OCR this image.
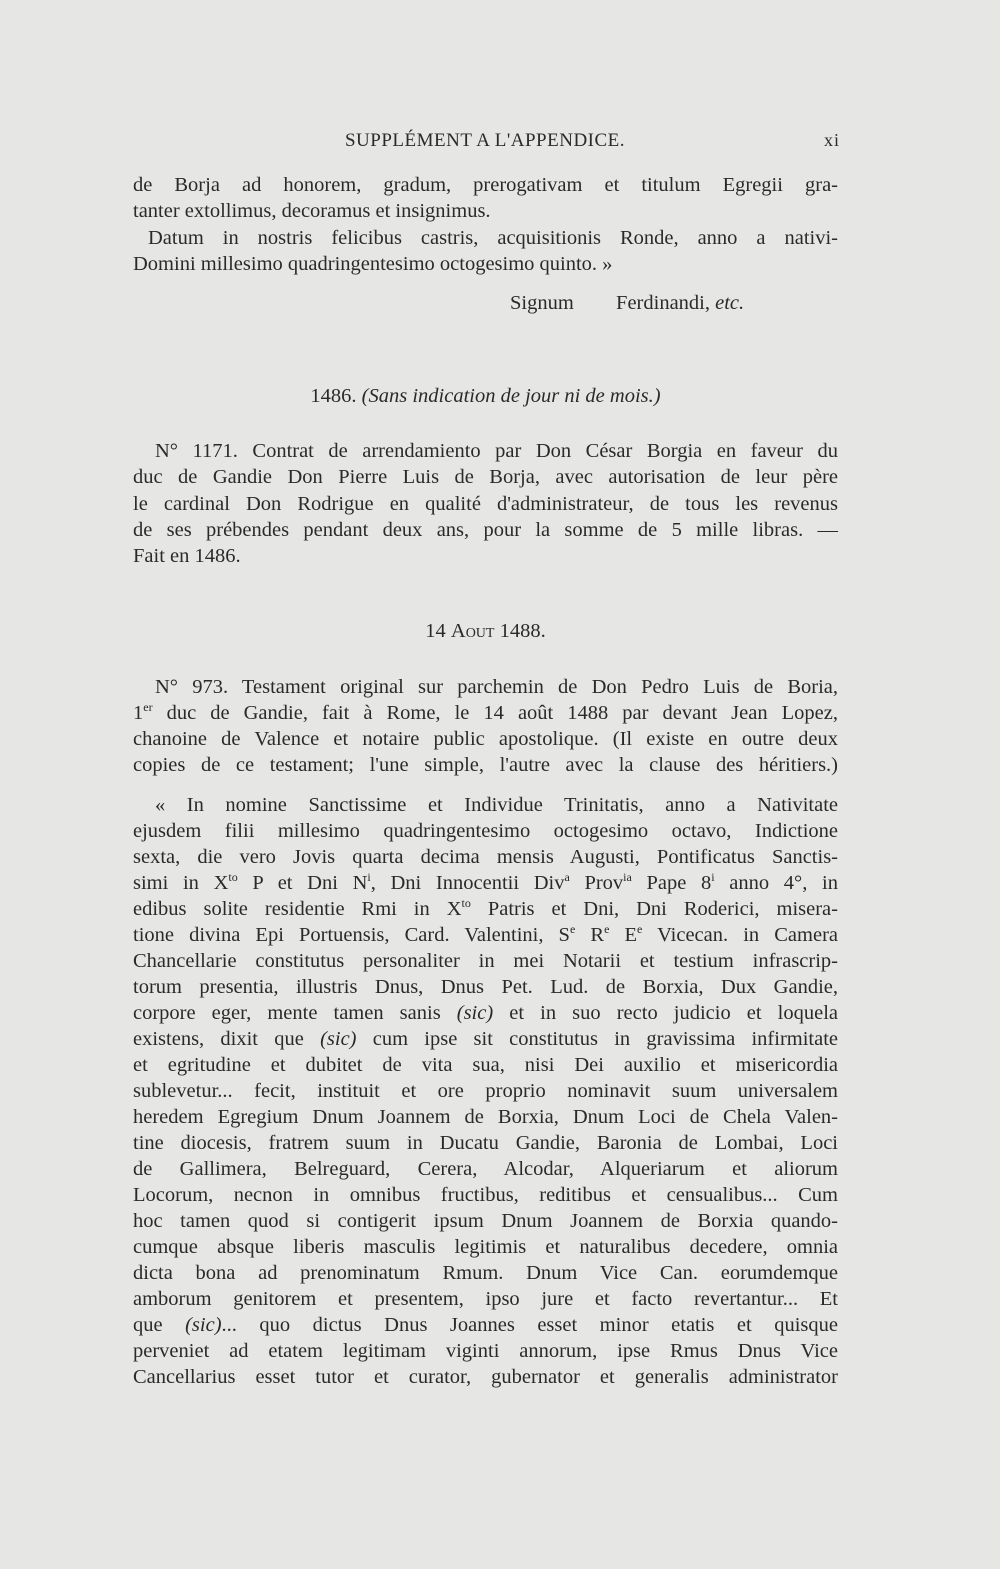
SUPPLÉMENT A L'APPENDICE.	xi
de Borja ad honorem, gradum, prerogativam et titulum Egregii gra-
tanter extollimus, decoramus et insignimus.
Datum in nostris felicibus castris, acquisitionis Ronde, anno a nativi-
Domini millesimo quadringentesimo octogesimo quinto. »
Signum Ferdinandi, etc.
1486. (Sans indication de jour ni de mois.)
N° 1171. Contrat de arrendamiento par Don César Borgia en faveur du
duc de Gandie Don Pierre Luis de Borja, avec autorisation de leur père
le cardinal Don Rodrigue en qualité d'administrateur, de tous les revenus
de ses prébendes pendant deux ans, pour la somme de 5 mille libras. —
Fait en 1486.
14 Aout 1488.
N° 973. Testament original sur parchemin de Don Pedro Luis de Boria,
1er duc de Gandie, fait à Rome, le 14 août 1488 par devant Jean Lopez,
chanoine de Valence et notaire public apostolique. (Il existe en outre deux
copies de ce testament; l'une simple, l'autre avec la clause des héritiers.)
« In nomine Sanctissime et Individue Trinitatis, anno a Nativitate
ejusdem filii millesimo quadringentesimo octogesimo octavo, Indictione
sexta, die vero Jovis quarta decima mensis Augusti, Pontificatus Sanctis-
simi in $X^{to}$ P et Dni $N^i$, Dni Innocentii Div$^a$ Prov$^{ia}$ Pape 8$^i$ anno 4°, in
edibus solite residentie Rmi in $X^{to}$ Patris et Dni, Dni Roderici, misera-
tione divina Epi Portuensis, Card. Valentini, $S^e$ $R^e$ $E^e$ Vicecan. in Camera
Chancellarie constitutus personaliter in mei Notarii et testium infrascrip-
torum presentia, illustris Dnus, Dnus Pet. Lud. de Borxia, Dux Gandie,
corpore eger, mente tamen sanis (sic) et in suo recto judicio et loquela
existens, dixit que (sic) cum ipse sit constitutus in gravissima infirmitate
et egritudine et dubitet de vita sua, nisi Dei auxilio et misericordia
sublevetur... fecit, instituit et ore proprio nominavit suum universalem
heredem Egregium Dnum Joannem de Borxia, Dnum Loci de Chela Valen-
tine diocesis, fratrem suum in Ducatu Gandie, Baronia de Lombai, Loci
de Gallimera, Belreguard, Cerera, Alcodar, Alqueriarum et aliorum
Locorum, necnon in omnibus fructibus, reditibus et censualibus... Cum
hoc tamen quod si contigerit ipsum Dnum Joannem de Borxia quando-
cumque absque liberis masculis legitimis et naturalibus decedere, omnia
dicta bona ad prenominatum Rmum. Dnum Vice Can. eorumdemque
amborum genitorem et presentem, ipso jure et facto revertantur... Et
que (sic)... quo dictus Dnus Joannes esset minor etatis et quisque
perveniet ad etatem legitimam viginti annorum, ipse Rmus Dnus Vice
Cancellarius esset tutor et curator, gubernator et generalis administrator
